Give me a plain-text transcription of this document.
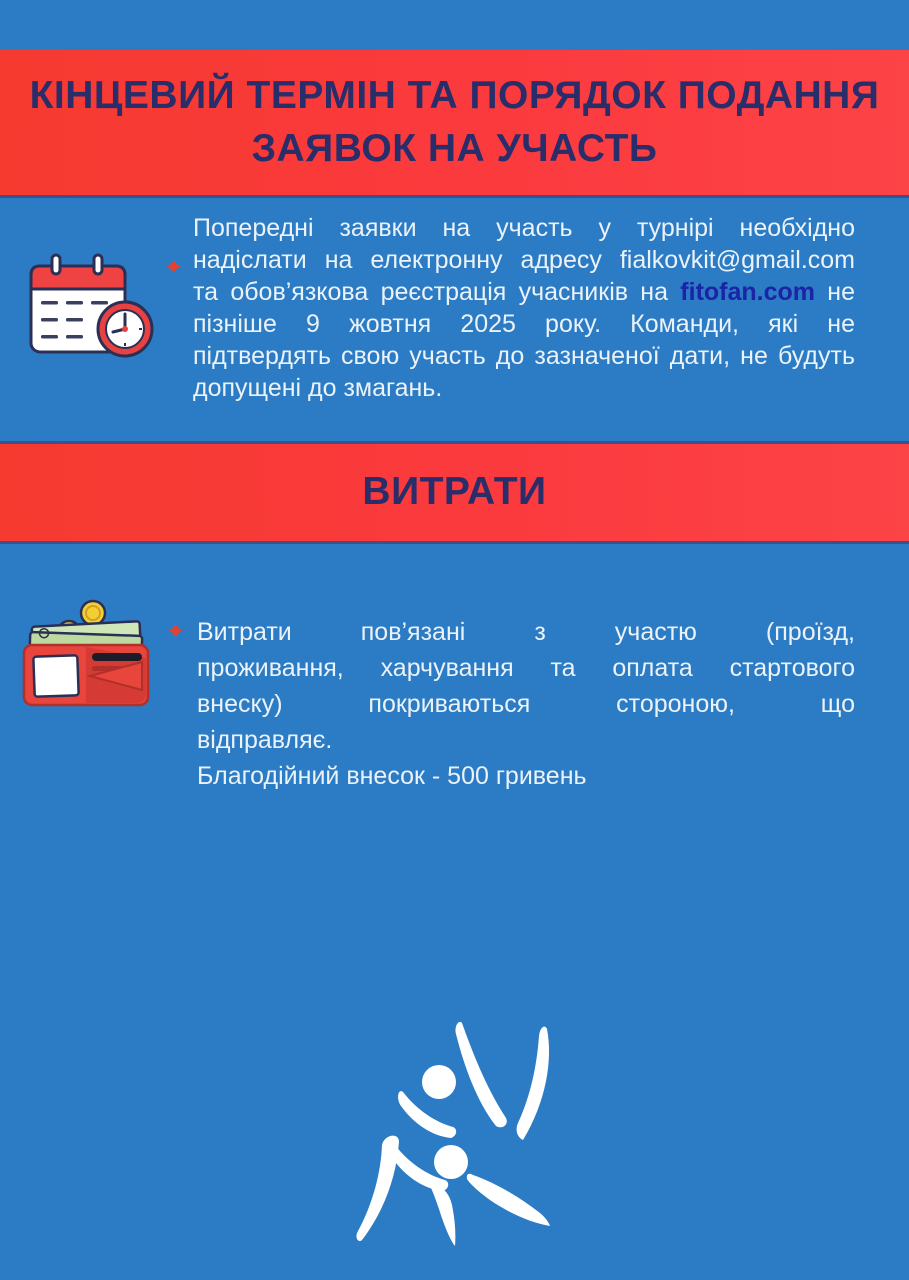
КІНЦЕВИЙ ТЕРМІН ТА ПОРЯДОК ПОДАННЯ
ЗАЯВОК НА УЧАСТЬ
✦
Попередні заявки на участь у турнірі необхідно
надіслати на електронну адресу fialkovkit@gmail.com
та обов’язкова реєстрація учасників на fitofan.com не
пізніше 9 жовтня 2025 року. Команди, які не
підтвердять свою участь до зазначеної дати, не будуть
допущені до змагань.
ВИТРАТИ
✦ Витрати пов’язані з участю (проїзд,
проживання, харчування та оплата стартового
внеску) покриваються стороною, що
відправляє.
Благодійний внесок - 500 гривень
